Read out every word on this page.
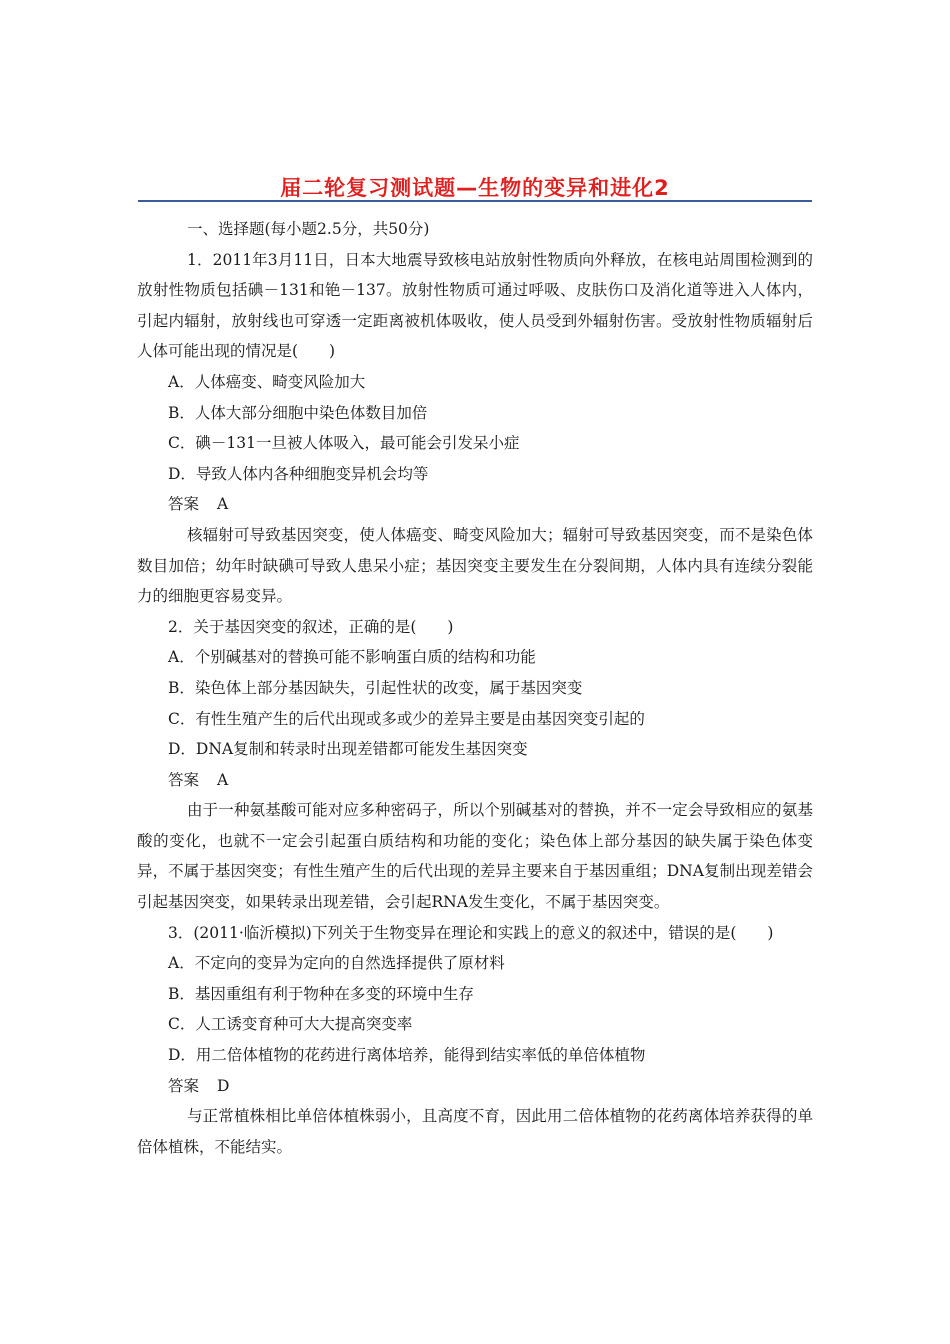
届二轮复习测试题—生物的变异和进化2
一、选择题(每小题2.5分，共50分)
1．2011年3月11日，日本大地震导致核电站放射性物质向外释放，在核电站周围检测到的放射性物质包括碘－131和铯－137。放射性物质可通过呼吸、皮肤伤口及消化道等进入人体内，引起内辐射，放射线也可穿透一定距离被机体吸收，使人员受到外辐射伤害。受放射性物质辐射后人体可能出现的情况是(　　)
A．人体癌变、畸变风险加大
B．人体大部分细胞中染色体数目加倍
C．碘－131一旦被人体吸入，最可能会引发呆小症
D．导致人体内各种细胞变异机会均等
答案 A
核辐射可导致基因突变，使人体癌变、畸变风险加大；辐射可导致基因突变，而不是染色体数目加倍；幼年时缺碘可导致人患呆小症；基因突变主要发生在分裂间期，人体内具有连续分裂能力的细胞更容易变异。
2．关于基因突变的叙述，正确的是(　　)
A．个别碱基对的替换可能不影响蛋白质的结构和功能
B．染色体上部分基因缺失，引起性状的改变，属于基因突变
C．有性生殖产生的后代出现或多或少的差异主要是由基因突变引起的
D．DNA复制和转录时出现差错都可能发生基因突变
答案 A
由于一种氨基酸可能对应多种密码子，所以个别碱基对的替换，并不一定会导致相应的氨基酸的变化，也就不一定会引起蛋白质结构和功能的变化；染色体上部分基因的缺失属于染色体变异，不属于基因突变；有性生殖产生的后代出现的差异主要来自于基因重组；DNA复制出现差错会引起基因突变，如果转录出现差错，会引起RNA发生变化，不属于基因突变。
3．(2011·临沂模拟)下列关于生物变异在理论和实践上的意义的叙述中，错误的是(　　)
A．不定向的变异为定向的自然选择提供了原材料
B．基因重组有利于物种在多变的环境中生存
C．人工诱变育种可大大提高突变率
D．用二倍体植物的花药进行离体培养，能得到结实率低的单倍体植物
答案 D
与正常植株相比单倍体植株弱小，且高度不育，因此用二倍体植物的花药离体培养获得的单倍体植株，不能结实。
